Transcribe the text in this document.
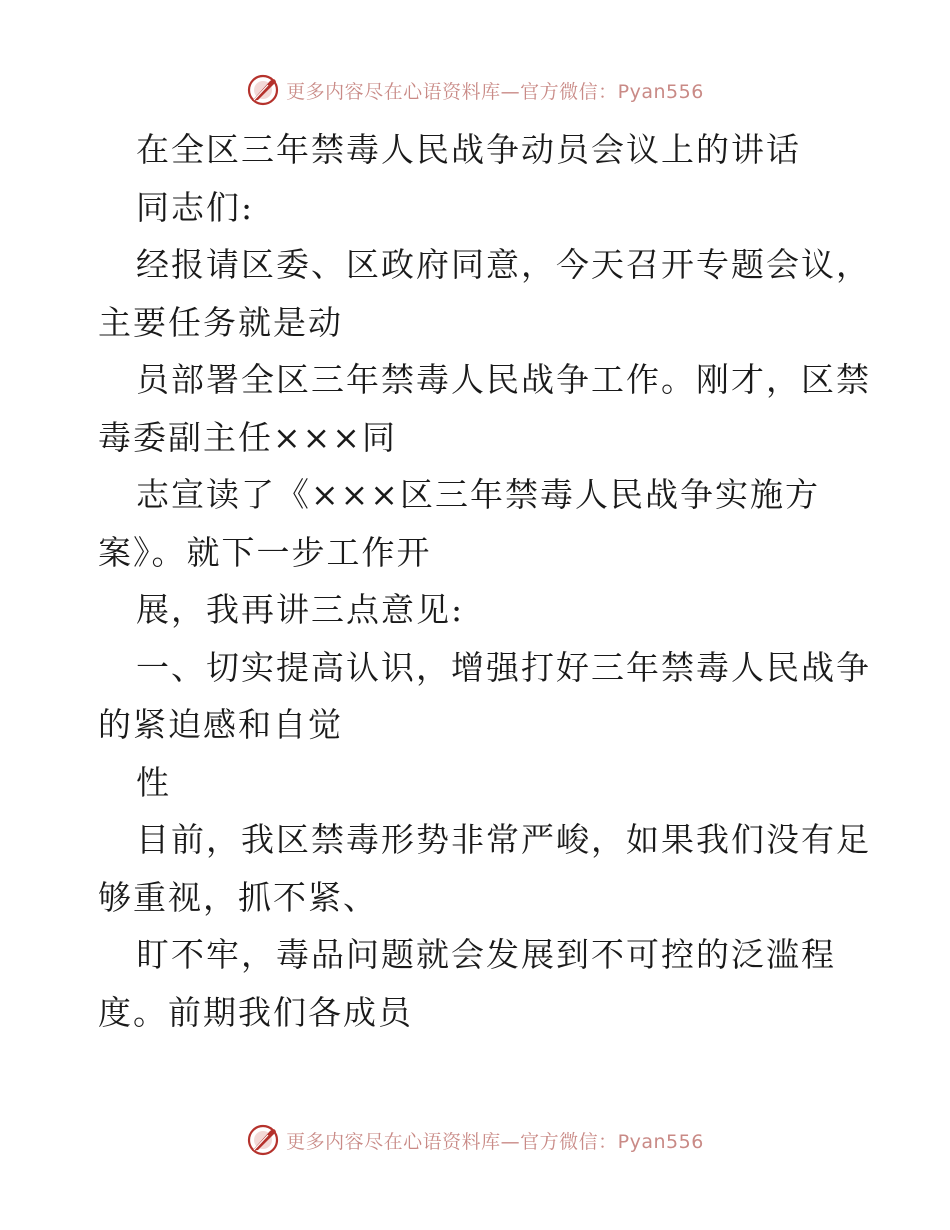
更多内容尽在心语资料库—官方微信：Pyan556
在全区三年禁毒人民战争动员会议上的讲话
同志们:
经报请区委、区政府同意，今天召开专题会议，
主要任务就是动
员部署全区三年禁毒人民战争工作。刚才，区禁
毒委副主任×××同
志宣读了《×××区三年禁毒人民战争实施方
案》。就下一步工作开
展，我再讲三点意见:
一、切实提高认识，增强打好三年禁毒人民战争
的紧迫感和自觉
性
目前，我区禁毒形势非常严峻，如果我们没有足
够重视，抓不紧、
盯不牢，毒品问题就会发展到不可控的泛滥程
度。前期我们各成员
更多内容尽在心语资料库—官方微信：Pyan556
